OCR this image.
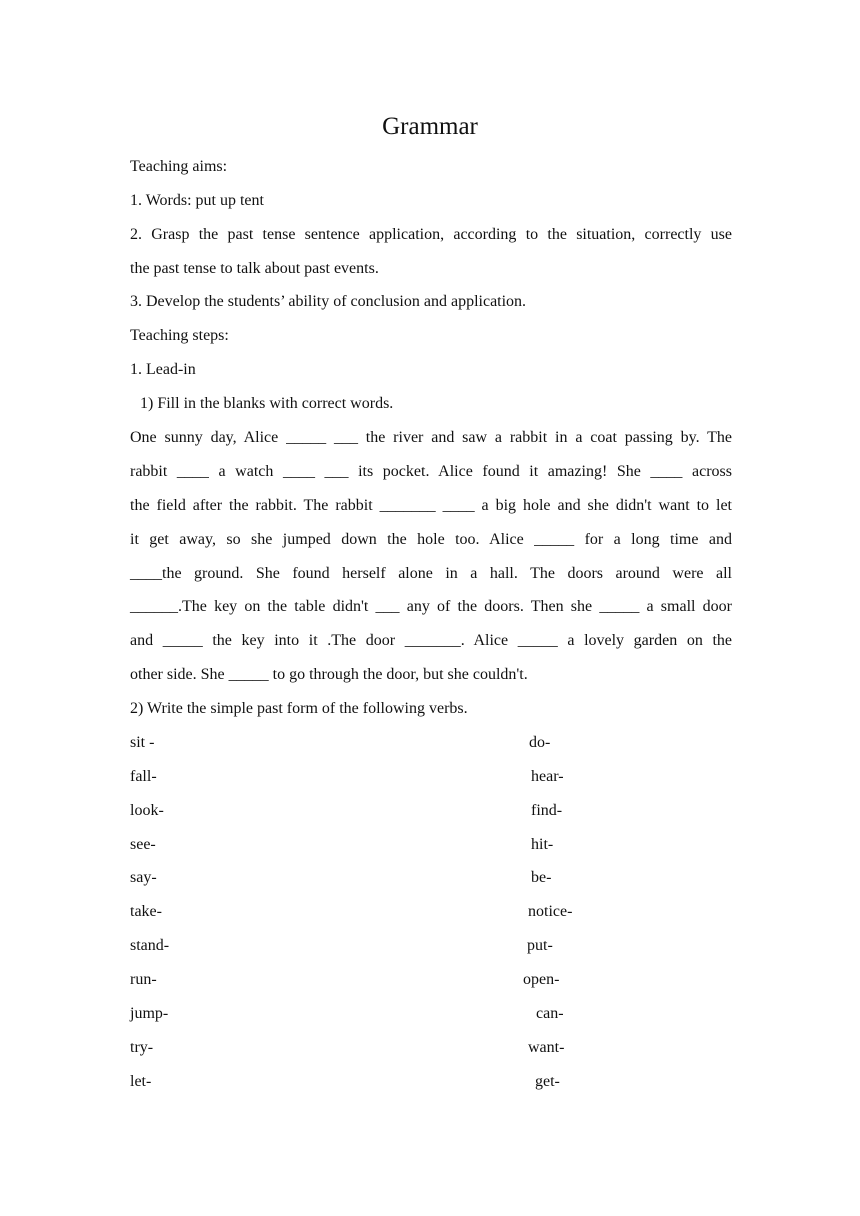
Grammar
Teaching aims:
1. Words: put up tent
2. Grasp the past tense sentence application, according to the situation, correctly use
the past tense to talk about past events.
3. Develop the students’ ability of conclusion and application.
Teaching steps:
1. Lead-in
1) Fill in the blanks with correct words.
One sunny day, Alice _____ ___ the river and saw a rabbit in a coat passing by. The
rabbit ____ a watch ____ ___ its pocket. Alice found it amazing! She ____ across
the field after the rabbit. The rabbit _______ ____ a big hole and she didn't want to let
it get away, so she jumped down the hole too. Alice _____ for a long time and
____the ground. She found herself alone in a hall. The doors around were all
______.The key on the table didn't ___ any of the doors. Then she _____ a small door
and _____ the key into it .The door _______. Alice _____ a lovely garden on the
other side. She _____ to go through the door, but she couldn't.
2) Write the simple past form of the following verbs.
sit -
fall-
look-
see-
say-
take-
stand-
run-
jump-
try-
let-
do-
hear-
find-
hit-
be-
notice-
put-
open-
can-
want-
get-
